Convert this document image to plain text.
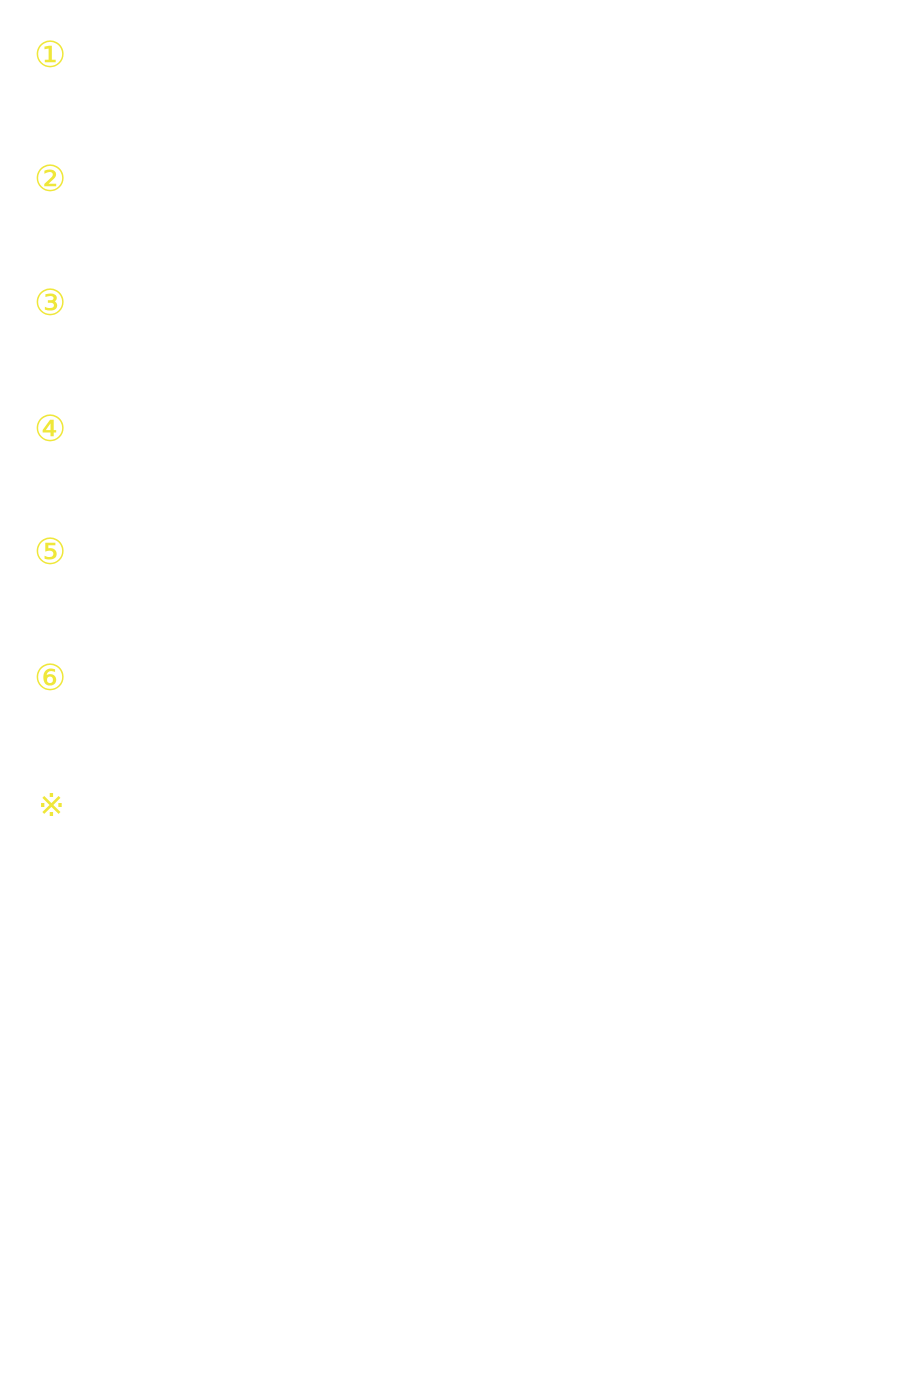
①
②
③
④
⑤
⑥
※
